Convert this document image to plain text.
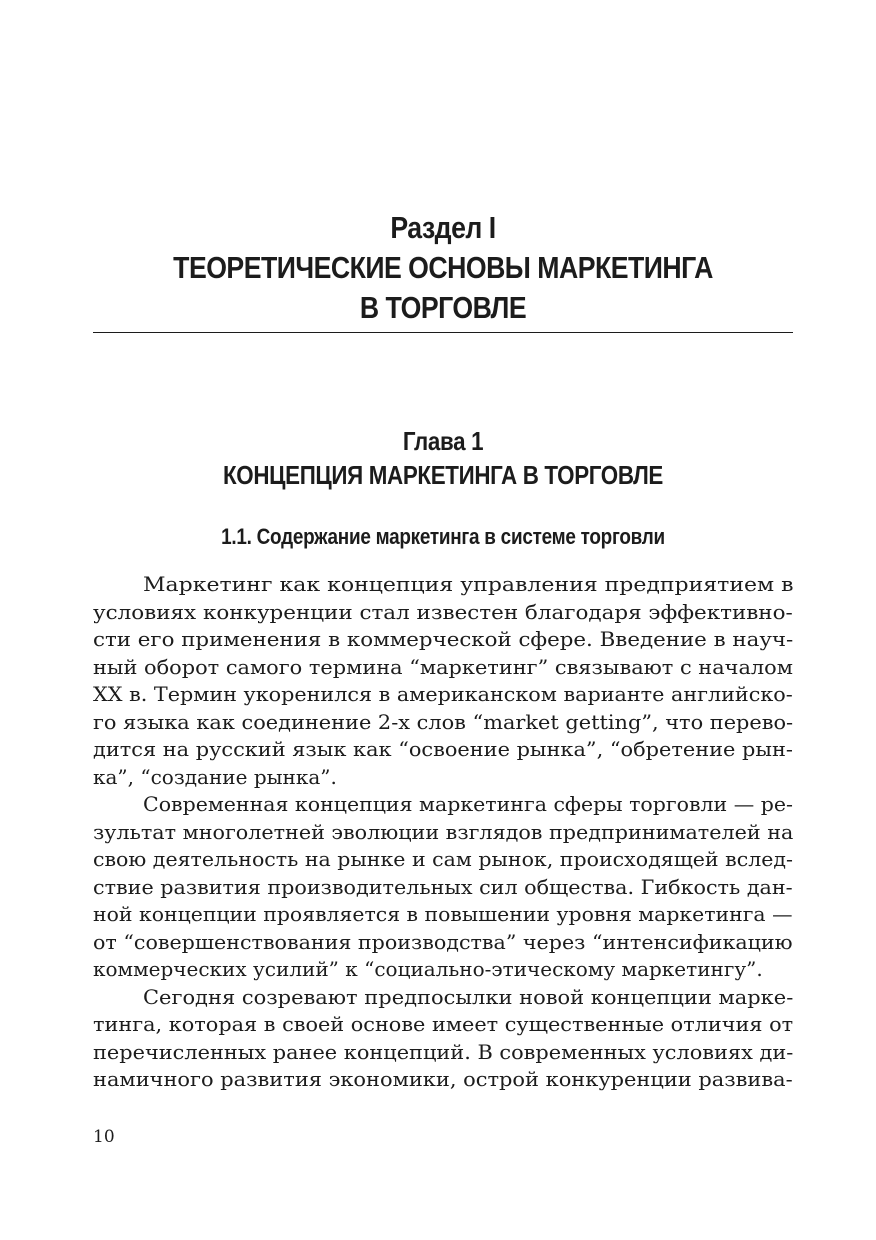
Раздел I
ТЕОРЕТИЧЕСКИЕ ОСНОВЫ МАРКЕТИНГА
В ТОРГОВЛЕ
Глава 1
КОНЦЕПЦИЯ МАРКЕТИНГА В ТОРГОВЛЕ
1.1. Содержание маркетинга в системе торговли
Маркетинг как концепция управления предприятием в
условиях конкуренции стал известен благодаря эффективно-
сти его применения в коммерческой сфере. Введение в науч-
ный оборот самого термина “маркетинг” связывают с началом
XX в. Термин укоренился в американском варианте английско-
го языка как соединение 2-х слов “market getting”, что перево-
дится на русский язык как “освоение рынка”, “обретение рын-
ка”, “создание рынка”.
Современная концепция маркетинга сферы торговли — ре-
зультат многолетней эволюции взглядов предпринимателей на
свою деятельность на рынке и сам рынок, происходящей вслед-
ствие развития производительных сил общества. Гибкость дан-
ной концепции проявляется в повышении уровня маркетинга —
от “совершенствования производства” через “интенсификацию
коммерческих усилий” к “социально-этическому маркетингу”.
Сегодня созревают предпосылки новой концепции марке-
тинга, которая в своей основе имеет существенные отличия от
перечисленных ранее концепций. В современных условиях ди-
намичного развития экономики, острой конкуренции развива-
10
